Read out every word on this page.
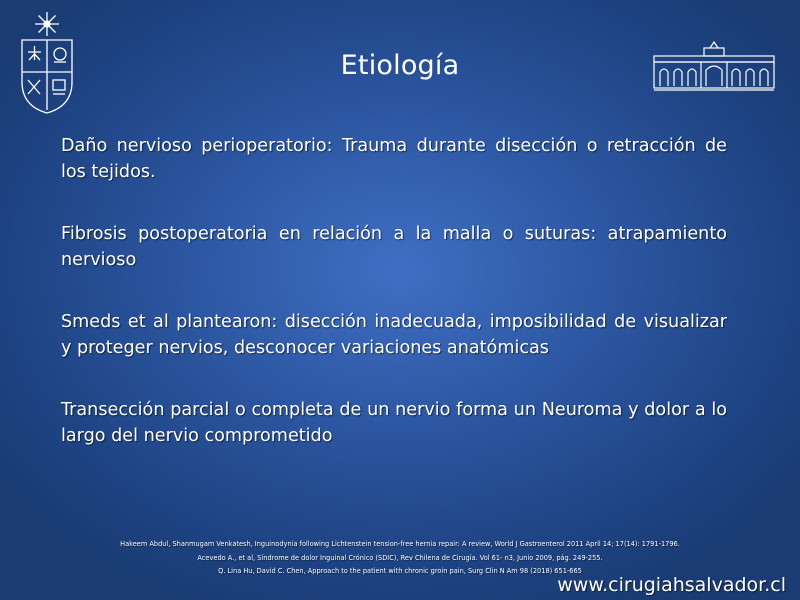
Etiología

Daño nervioso perioperatorio: Trauma durante disección o retracción de los tejidos.

Fibrosis postoperatoria en relación a la malla o suturas: atrapamiento nervioso

Smeds et al plantearon: disección inadecuada, imposibilidad de visualizar y proteger nervios, desconocer variaciones anatómicas

Transección parcial o completa de un nervio forma un Neuroma y dolor a lo largo del nervio comprometido

Hakeem Abdul, Shanmugam Venkatesh, Inguinodynia following Lichtenstein tension-free hernia repair: A review, World J Gastroenterol 2011 April 14; 17(14): 1791-1796.
Acevedo A., et al, Síndrome de dolor Inguinal Crónico (SDIC), Rev Chilena de Cirugía. Vol 61- n3, Junio 2009, pág. 249-255.
Q. Lina Hu, David C. Chen, Approach to the patient with chronic groin pain, Surg Clin N Am 98 (2018) 651-665
www.cirugiahsalvador.cl
